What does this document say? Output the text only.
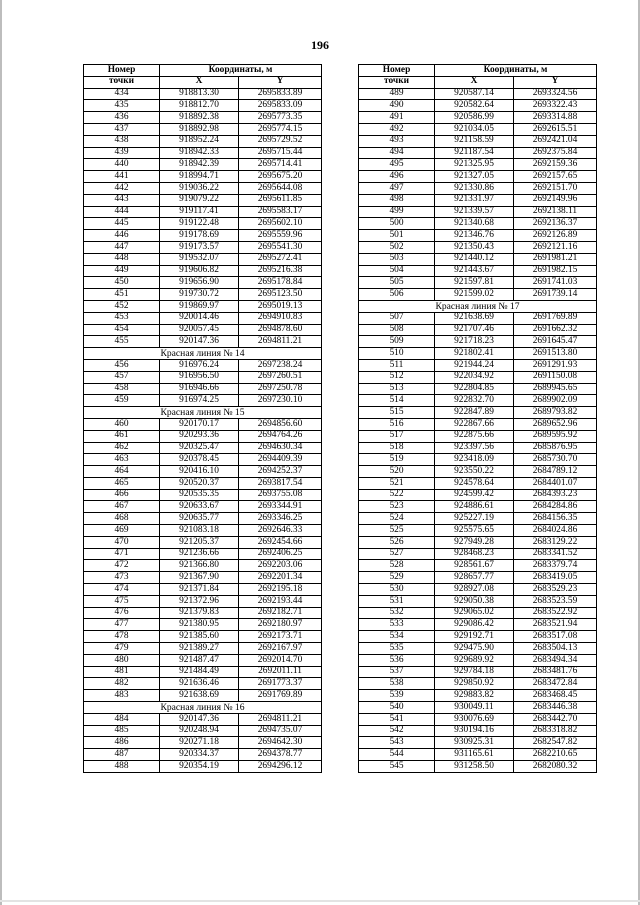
196
Номер	Координаты, м	
точки	X	Y
434	918813.30	2695833.89
435	918812.70	2695833.09
436	918892.38	2695773.35
437	918892.98	2695774.15
438	918952.24	2695729.52
439	918942.33	2695715.44
440	918942.39	2695714.41
441	918994.71	2695675.20
442	919036.22	2695644.08
443	919079.22	2695611.85
444	919117.41	2695583.17
445	919122.48	2695602.10
446	919178.69	2695559.96
447	919173.57	2695541.30
448	919532.07	2695272.41
449	919606.82	2695216.38
450	919656.90	2695178.84
451	919730.72	2695123.50
452	919869.97	2695019.13
453	920014.46	2694910.83
454	920057.45	2694878.60
455	920147.36	2694811.21
Красная линия № 14		
456	916976.24	2697238.24
457	916956.50	2697260.51
458	916946.66	2697250.78
459	916974.25	2697230.10
Красная линия № 15		
460	920170.17	2694856.60
461	920293.36	2694764.26
462	920325.47	2694630.34
463	920378.45	2694409.39
464	920416.10	2694252.37
465	920520.37	2693817.54
466	920535.35	2693755.08
467	920633.67	2693344.91
468	920635.77	2693346.25
469	921083.18	2692646.33
470	921205.37	2692454.66
471	921236.66	2692406.25
472	921366.80	2692203.06
473	921367.90	2692201.34
474	921371.84	2692195.18
475	921372.96	2692193.44
476	921379.83	2692182.71
477	921380.95	2692180.97
478	921385.60	2692173.71
479	921389.27	2692167.97
480	921487.47	2692014.70
481	921484.49	2692011.11
482	921636.46	2691773.37
483	921638.69	2691769.89
Красная линия № 16		
484	920147.36	2694811.21
485	920248.94	2694735.07
486	920271.18	2694642.30
487	920334.37	2694378.77
488	920354.19	2694296.12
Номер	Координаты, м	
точки	X	Y
489	920587.14	2693324.56
490	920582.64	2693322.43
491	920586.99	2693314.88
492	921034.05	2692615.51
493	921158.59	2692421.04
494	921187.54	2692375.84
495	921325.95	2692159.36
496	921327.05	2692157.65
497	921330.86	2692151.70
498	921331.97	2692149.96
499	921339.57	2692138.11
500	921340.68	2692136.37
501	921346.76	2692126.89
502	921350.43	2692121.16
503	921440.12	2691981.21
504	921443.67	2691982.15
505	921597.81	2691741.03
506	921599.02	2691739.14
Красная линия № 17		
507	921638.69	2691769.89
508	921707.46	2691662.32
509	921718.23	2691645.47
510	921802.41	2691513.80
511	921944.24	2691291.93
512	922034.92	2691150.08
513	922804.85	2689945.65
514	922832.70	2689902.09
515	922847.89	2689793.82
516	922867.66	2689652.96
517	922875.66	2689595.92
518	923397.56	2685876.95
519	923418.09	2685730.70
520	923550.22	2684789.12
521	924578.64	2684401.07
522	924599.42	2684393.23
523	924886.61	2684284.86
524	925227.19	2684156.35
525	925575.65	2684024.86
526	927949.28	2683129.22
527	928468.23	2683341.52
528	928561.67	2683379.74
529	928657.77	2683419.05
530	928927.08	2683529.23
531	929050.38	2683523.59
532	929065.02	2683522.92
533	929086.42	2683521.94
534	929192.71	2683517.08
535	929475.90	2683504.13
536	929689.92	2683494.34
537	929784.18	2683481.76
538	929850.92	2683472.84
539	929883.82	2683468.45
540	930049.11	2683446.38
541	930076.69	2683442.70
542	930194.16	2683318.82
543	930925.31	2682547.82
544	931165.61	2682210.65
545	931258.50	2682080.32
